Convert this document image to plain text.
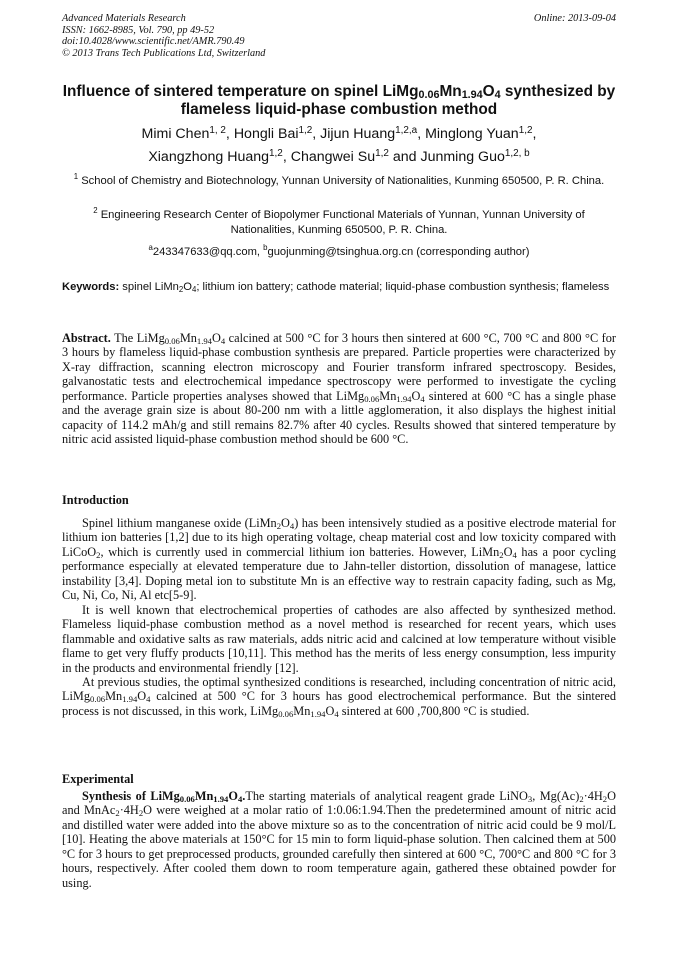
Advanced Materials Research
ISSN: 1662-8985, Vol. 790, pp 49-52
doi:10.4028/www.scientific.net/AMR.790.49
© 2013 Trans Tech Publications Ltd, Switzerland
Online: 2013-09-04
Influence of sintered temperature on spinel $LiMg_{0.06}Mn_{1.94}O_4$ synthesized by flameless liquid-phase combustion method
Mimi Chen$^{1, 2}$, Hongli Bai$^{1,2}$, Jijun Huang$^{1,2,a}$, Minglong Yuan$^{1,2}$,
Xiangzhong Huang$^{1,2}$, Changwei Su$^{1,2}$ and Junming Guo$^{1,2, b}$
$^1$ School of Chemistry and Biotechnology, Yunnan University of Nationalities, Kunming 650500, P. R. China.
$^2$ Engineering Research Center of Biopolymer Functional Materials of Yunnan, Yunnan University of Nationalities, Kunming 650500, P. R. China.
$^a$243347633@qq.com, $^b$guojunming@tsinghua.org.cn (corresponding author)
Keywords: spinel $LiMn_2O_4$; lithium ion battery; cathode material; liquid-phase combustion synthesis; flameless
Abstract. The $LiMg_{0.06}Mn_{1.94}O_4$ calcined at 500 °C for 3 hours then sintered at 600 °C, 700 °C and 800 °C for 3 hours by flameless liquid-phase combustion synthesis are prepared. Particle properties were characterized by X-ray diffraction, scanning electron microscopy and Fourier transform infrared spectroscopy. Besides, galvanostatic tests and electrochemical impedance spectroscopy were performed to investigate the cycling performance. Particle properties analyses showed that $LiMg_{0.06}Mn_{1.94}O_4$ sintered at 600 °C has a single phase and the average grain size is about 80-200 nm with a little agglomeration, it also displays the highest initial capacity of 114.2 mAh/g and still remains 82.7% after 40 cycles. Results showed that sintered temperature by nitric acid assisted liquid-phase combustion method should be 600 °C.
Introduction

Spinel lithium manganese oxide $(LiMn_2O_4)$ has been intensively studied as a positive electrode material for lithium ion batteries [1,2] due to its high operating voltage, cheap material cost and low toxicity compared with LiCoO$_2$, which is currently used in commercial lithium ion batteries. However, $LiMn_2O_4$ has a poor cycling performance especially at elevated temperature due to Jahn-teller distortion, dissolution of managese, lattice instability [3,4]. Doping metal ion to substitute Mn is an effective way to restrain capacity fading, such as Mg, Cu, Ni, Co, Ni, Al etc[5-9].

It is well known that electrochemical properties of cathodes are also affected by synthesized method. Flameless liquid-phase combustion method as a novel method is researched for recent years, which uses flammable and oxidative salts as raw materials, adds nitric acid and calcined at low temperature without visible flame to get very fluffy products [10,11]. This method has the merits of less energy consumption, less impurity in the products and environmental friendly [12].

At previous studies, the optimal synthesized conditions is researched, including concentration of nitric acid, $LiMg_{0.06}Mn_{1.94}O_4$ calcined at 500 °C for 3 hours has good electrochemical performance. But the sintered process is not discussed, in this work, $LiMg_{0.06}Mn_{1.94}O_4$ sintered at 600 ,700,800 °C is studied.

Experimental

Synthesis of $LiMg_{0.06}Mn_{1.94}O_4.The$ starting materials of analytical reagent grade LiNO$_3$, $Mg(Ac)_2\cdot 4H_2O$ and $MnAc_2\cdot 4H_2O$ were weighed at a molar ratio of 1:0.06:1.94.Then the predetermined amount of nitric acid and distilled water were added into the above mixture so as to the concentration of nitric acid could be 9 mol/L [10]. Heating the above materials at 150°C for 15 min to form liquid-phase solution. Then calcined them at 500 °C for 3 hours to get preprocessed products, grounded carefully then sintered at 600 °C, 700°C and 800 °C for 3 hours, respectively. After cooled them down to room temperature again, gathered these obtained powder for using.
